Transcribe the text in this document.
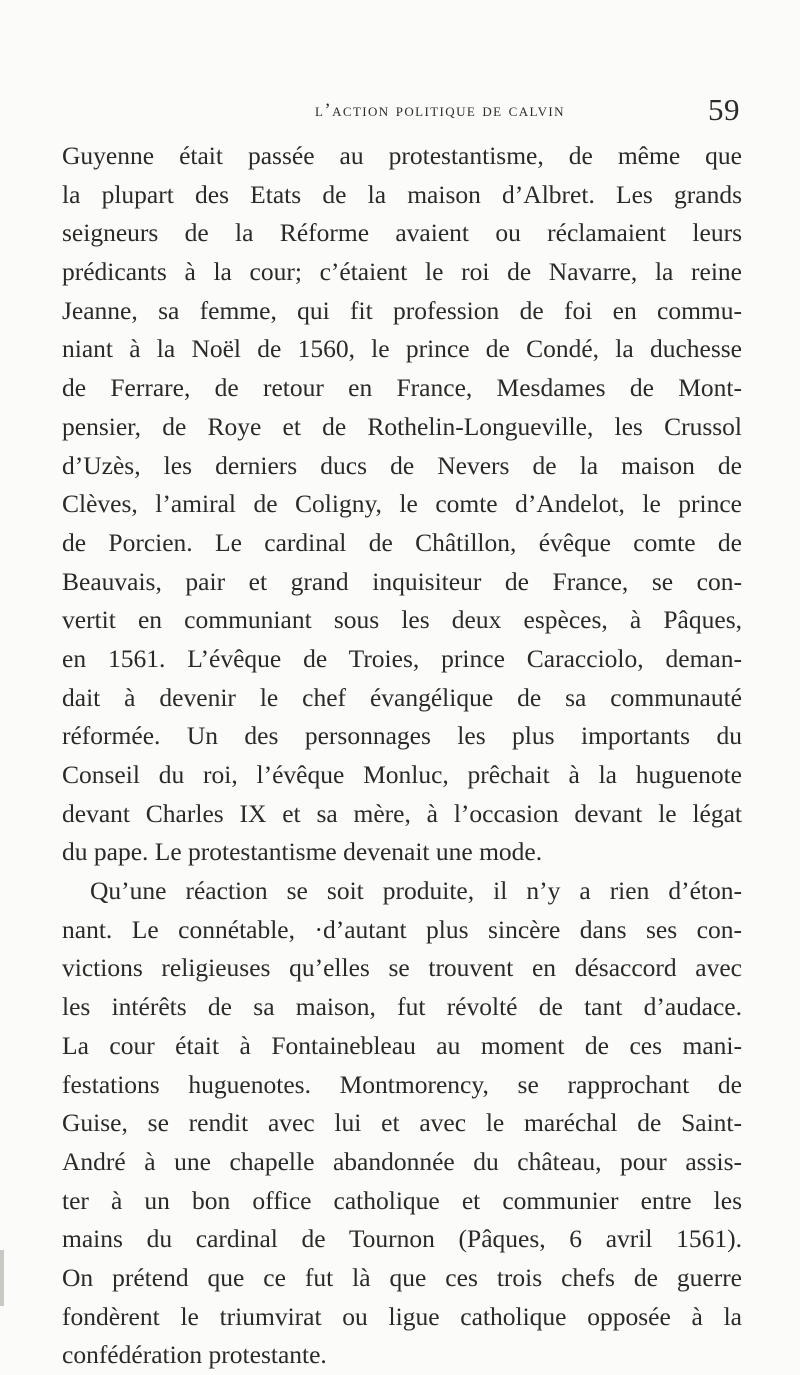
l’action politique de calvin	59
Guyenne était passée au protestantisme, de même que
la plupart des Etats de la maison d’Albret. Les grands
seigneurs de la Réforme avaient ou réclamaient leurs
prédicants à la cour; c’étaient le roi de Navarre, la reine
Jeanne, sa femme, qui fit profession de foi en commu-
niant à la Noël de 1560, le prince de Condé, la duchesse
de Ferrare, de retour en France, Mesdames de Mont-
pensier, de Roye et de Rothelin-Longueville, les Crussol
d’Uzès, les derniers ducs de Nevers de la maison de
Clèves, l’amiral de Coligny, le comte d’Andelot, le prince
de Porcien. Le cardinal de Châtillon, évêque comte de
Beauvais, pair et grand inquisiteur de France, se con-
vertit en communiant sous les deux espèces, à Pâques,
en 1561. L’évêque de Troies, prince Caracciolo, deman-
dait à devenir le chef évangélique de sa communauté
réformée. Un des personnages les plus importants du
Conseil du roi, l’évêque Monluc, prêchait à la huguenote
devant Charles IX et sa mère, à l’occasion devant le légat
du pape. Le protestantisme devenait une mode.
Qu’une réaction se soit produite, il n’y a rien d’éton-
nant. Le connétable, ·d’autant plus sincère dans ses con-
victions religieuses qu’elles se trouvent en désaccord avec
les intérêts de sa maison, fut révolté de tant d’audace.
La cour était à Fontainebleau au moment de ces mani-
festations huguenotes. Montmorency, se rapprochant de
Guise, se rendit avec lui et avec le maréchal de Saint-
André à une chapelle abandonnée du château, pour assis-
ter à un bon office catholique et communier entre les
mains du cardinal de Tournon (Pâques, 6 avril 1561).
On prétend que ce fut là que ces trois chefs de guerre
fondèrent le triumvirat ou ligue catholique opposée à la
confédération protestante.
